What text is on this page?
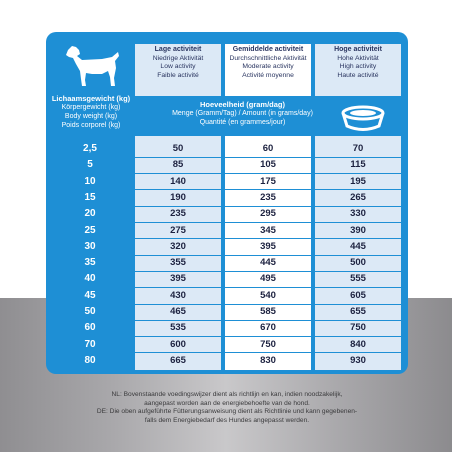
Lichaamsgewicht (kg)
Körpergewicht (kg)
Body weight (kg)
Poids corporel (kg)
Lage activiteit
Niedrige Aktivität
Low activity
Faible activité
Gemiddelde activiteit
Durchschnittliche Aktivität
Moderate activity
Activité moyenne
Hoge activiteit
Hohe Aktivität
High activity
Haute activité
Hoeveelheid (gram/dag)
Menge (Gramm/Tag) / Amount (in grams/day)
Quantité (en grammes/jour)
2,5	50	60	70
5	85	105	115
10	140	175	195
15	190	235	265
20	235	295	330
25	275	345	390
30	320	395	445
35	355	445	500
40	395	495	555
45	430	540	605
50	465	585	655
60	535	670	750
70	600	750	840
80	665	830	930
NL: Bovenstaande voedingswijzer dient als richtlijn en kan, indien noodzakelijk,
aangepast worden aan de energiebehoefte van de hond.
DE: Die oben aufgeführte Fütterungsanweisung dient als Richtlinie und kann gegebenen-
falls dem Energiebedarf des Hundes angepasst werden.
